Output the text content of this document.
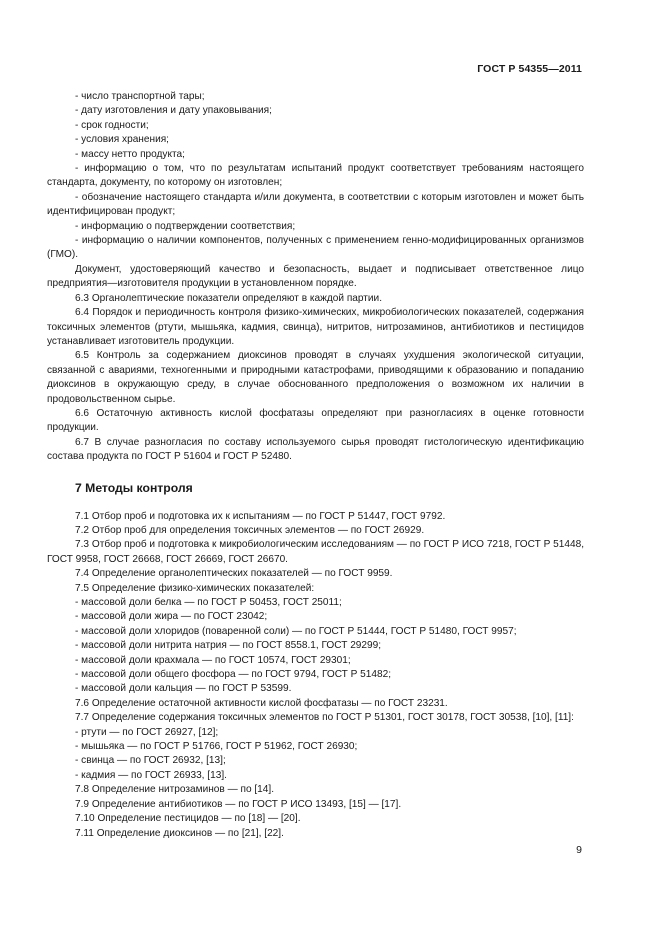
ГОСТ Р 54355—2011

- число транспортной тары;

- дату изготовления и дату упаковывания;

- срок годности;

- условия хранения;

- массу нетто продукта;

- информацию о том, что по результатам испытаний продукт соответствует требованиям настоящего стандарта, документу, по которому он изготовлен;

- обозначение настоящего стандарта и/или документа, в соответствии с которым изготовлен и может быть идентифицирован продукт;

- информацию о подтверждении соответствия;

- информацию о наличии компонентов, полученных с применением генно-модифицированных организмов (ГМО).

Документ, удостоверяющий качество и безопасность, выдает и подписывает ответственное лицо предприятия—изготовителя продукции в установленном порядке.

6.3 Органолептические показатели определяют в каждой партии.

6.4 Порядок и периодичность контроля физико-химических, микробиологических показателей, содержания токсичных элементов (ртути, мышьяка, кадмия, свинца), нитритов, нитрозаминов, антибиотиков и пестицидов устанавливает изготовитель продукции.

6.5 Контроль за содержанием диоксинов проводят в случаях ухудшения экологической ситуации, связанной с авариями, техногенными и природными катастрофами, приводящими к образованию и попаданию диоксинов в окружающую среду, в случае обоснованного предположения о возможном их наличии в продовольственном сырье.

6.6 Остаточную активность кислой фосфатазы определяют при разногласиях в оценке готовности продукции.

6.7 В случае разногласия по составу используемого сырья проводят гистологическую идентификацию состава продукта по ГОСТ Р 51604 и ГОСТ Р 52480.

7 Методы контроля

7.1 Отбор проб и подготовка их к испытаниям — по ГОСТ Р 51447, ГОСТ 9792.

7.2 Отбор проб для определения токсичных элементов — по ГОСТ 26929.

7.3 Отбор проб и подготовка к микробиологическим исследованиям — по ГОСТ Р ИСО 7218, ГОСТ Р 51448, ГОСТ 9958, ГОСТ 26668, ГОСТ 26669, ГОСТ 26670.

7.4 Определение органолептических показателей — по ГОСТ 9959.

7.5 Определение физико-химических показателей:

- массовой доли белка — по ГОСТ Р 50453, ГОСТ 25011;

- массовой доли жира — по ГОСТ 23042;

- массовой доли хлоридов (поваренной соли) — по ГОСТ Р 51444, ГОСТ Р 51480, ГОСТ 9957;

- массовой доли нитрита натрия — по ГОСТ 8558.1, ГОСТ 29299;

- массовой доли крахмала — по ГОСТ 10574, ГОСТ 29301;

- массовой доли общего фосфора — по ГОСТ 9794, ГОСТ Р 51482;

- массовой доли кальция — по ГОСТ Р 53599.

7.6 Определение остаточной активности кислой фосфатазы — по ГОСТ 23231.

7.7 Определение содержания токсичных элементов по ГОСТ Р 51301, ГОСТ 30178, ГОСТ 30538, [10], [11]:

- ртути — по ГОСТ 26927, [12];

- мышьяка — по ГОСТ Р 51766, ГОСТ Р 51962, ГОСТ 26930;

- свинца — по ГОСТ 26932, [13];

- кадмия — по ГОСТ 26933, [13].

7.8 Определение нитрозаминов — по [14].

7.9 Определение антибиотиков — по ГОСТ Р ИСО 13493, [15] — [17].

7.10 Определение пестицидов — по [18] — [20].

7.11 Определение диоксинов — по [21], [22].

9
